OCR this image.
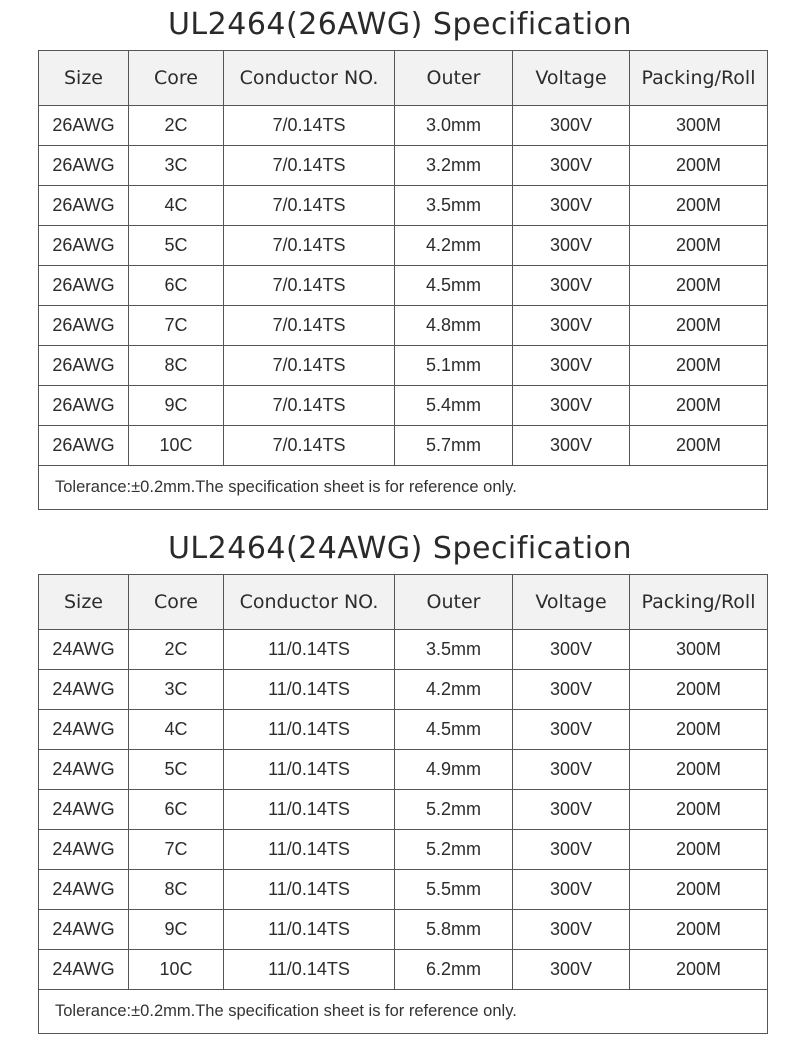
UL2464(26AWG) Specification
Size	Core	Conductor NO.	Outer	Voltage	Packing/Roll
26AWG	2C	7/0.14TS	3.0mm	300V	300M
26AWG	3C	7/0.14TS	3.2mm	300V	200M
26AWG	4C	7/0.14TS	3.5mm	300V	200M
26AWG	5C	7/0.14TS	4.2mm	300V	200M
26AWG	6C	7/0.14TS	4.5mm	300V	200M
26AWG	7C	7/0.14TS	4.8mm	300V	200M
26AWG	8C	7/0.14TS	5.1mm	300V	200M
26AWG	9C	7/0.14TS	5.4mm	300V	200M
26AWG	10C	7/0.14TS	5.7mm	300V	200M
Tolerance:±0.2mm.The specification sheet is for reference only.					
UL2464(24AWG) Specification
Size	Core	Conductor NO.	Outer	Voltage	Packing/Roll
24AWG	2C	11/0.14TS	3.5mm	300V	300M
24AWG	3C	11/0.14TS	4.2mm	300V	200M
24AWG	4C	11/0.14TS	4.5mm	300V	200M
24AWG	5C	11/0.14TS	4.9mm	300V	200M
24AWG	6C	11/0.14TS	5.2mm	300V	200M
24AWG	7C	11/0.14TS	5.2mm	300V	200M
24AWG	8C	11/0.14TS	5.5mm	300V	200M
24AWG	9C	11/0.14TS	5.8mm	300V	200M
24AWG	10C	11/0.14TS	6.2mm	300V	200M
Tolerance:±0.2mm.The specification sheet is for reference only.					
